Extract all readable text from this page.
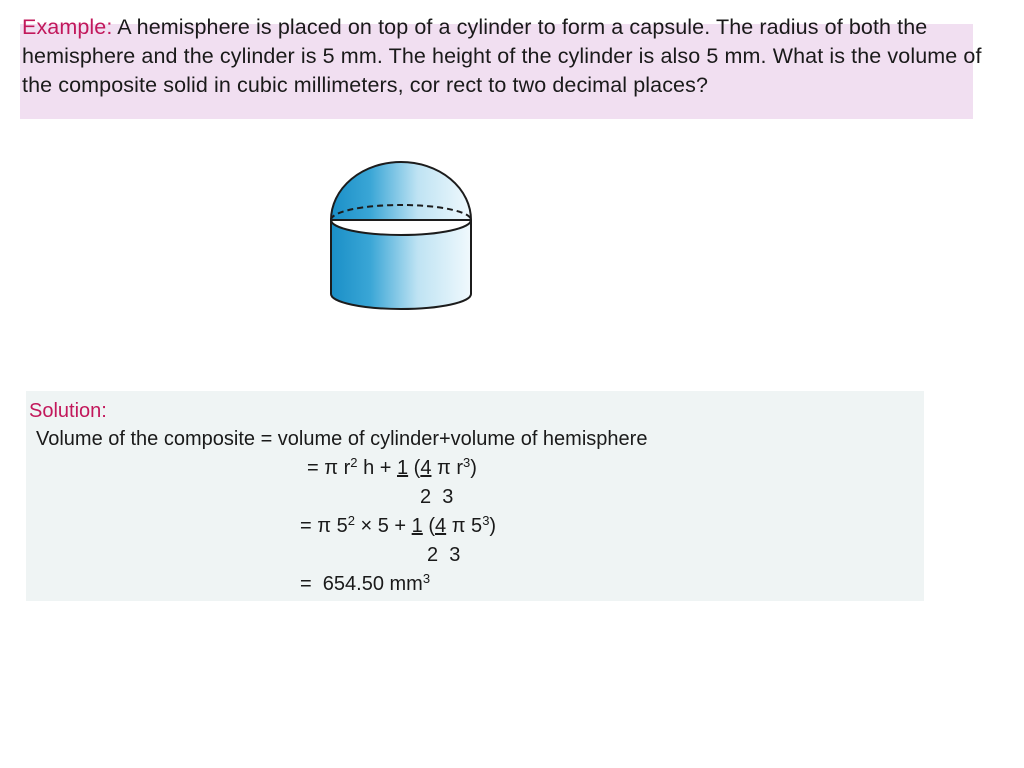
Example: A hemisphere is placed on top of a cylinder to form a capsule. The radius of both the hemisphere and the cylinder is 5 mm. The height of the cylinder is also 5 mm. What is the volume of the composite solid in cubic millimeters, cor rect to two decimal places?

Solution:
Volume of the composite = volume of cylinder+volume of hemisphere
= π $r^2$ h + 1 (4 π $r^3$)
2  3
= π $5^2 \times 5 + 1$ (4 π $5^3$)
2  3
=  654.50 $mm^3$
